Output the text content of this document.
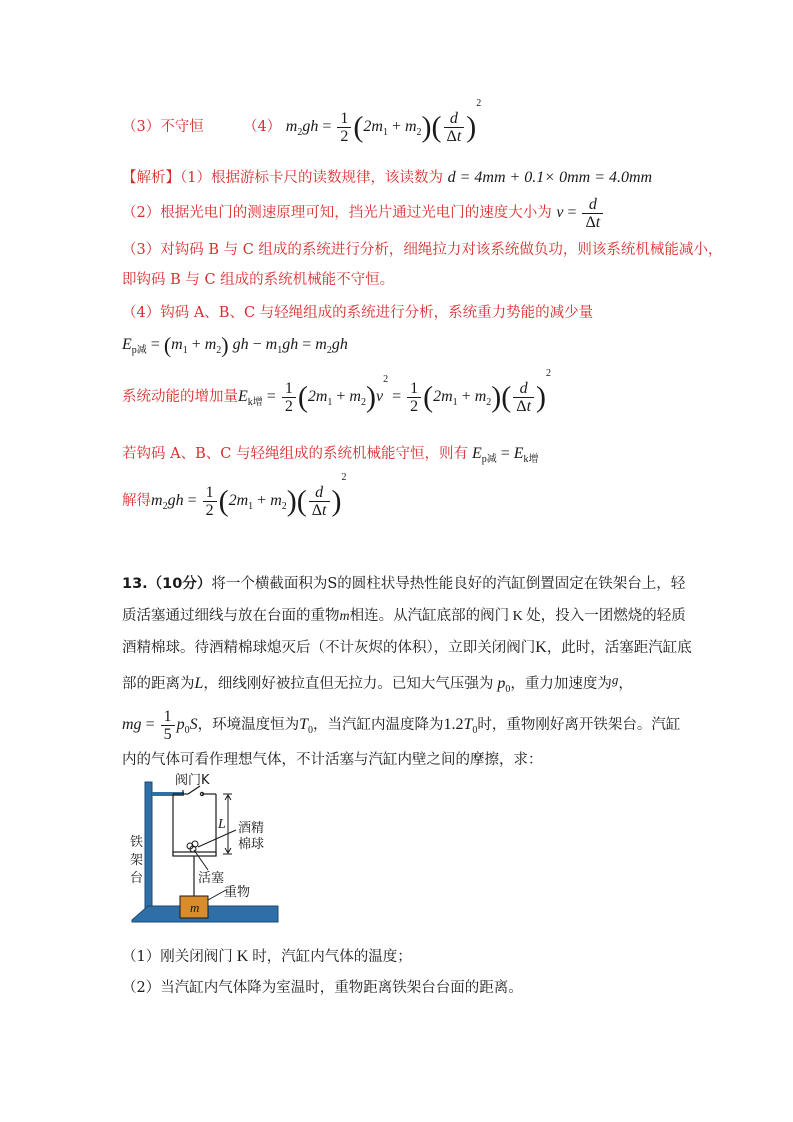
（3）不守恒	（4） $m_2gh = \frac{1}{2} (2m_1 + m_2)( \frac{d}{\Delta t} )^2$
【解析】（1）根据游标卡尺的读数规律，该读数为 d = 4mm + 0.1× 0mm = 4.0mm
（2）根据光电门的测速原理可知，挡光片通过光电门的速度大小为 $v = \frac{d}{\Delta t}$
（3）对钩码 B 与 C 组成的系统进行分析，细绳拉力对该系统做负功，则该系统机械能减小，
即钩码 B 与 C 组成的系统机械能不守恒。
（4）钩码 A、B、C 与轻绳组成的系统进行分析，系统重力势能的减少量
$E_{p减} = (m_1 + m_2)$ gh − $m_1gh = m_2gh$
系统动能的增加量$E_{k增} = \frac{1}{2} (2m_1 + m_2)v^2 = \frac{1}{2} (2m_1 + m_2)( \frac{d}{\Delta t} )^2$
若钩码 A、B、C 与轻绳组成的系统机械能守恒，则有 $E_{p减} = E_{k增}$
解得$m_2gh = \frac{1}{2} (2m_1 + m_2)( \frac{d}{\Delta t} )^2$
13.（10分）将一个横截面积为S的圆柱状导热性能良好的汽缸倒置固定在铁架台上，轻
质活塞通过细线与放在台面的重物m相连。从汽缸底部的阀门 K 处，投入一团燃烧的轻质
酒精棉球。待酒精棉球熄灭后（不计灰烬的体积），立即关闭阀门K，此时，活塞距汽缸底
部的距离为L，细线刚好被拉直但无拉力。已知大气压强为 $p_0$，重力加速度为g，
mg = $\frac{1}{5} p_0S$，环境温度恒为$T_0$，当汽缸内温度降为$1.2T_0$时，重物刚好离开铁架台。汽缸
内的气体可看作理想气体，不计活塞与汽缸内壁之间的摩擦，求：
m
阀门K
L 酒精
棉球
铁
架
台	活塞
重物
（1）刚关闭阀门 K 时，汽缸内气体的温度；
（2）当汽缸内气体降为室温时，重物距离铁架台台面的距离。
